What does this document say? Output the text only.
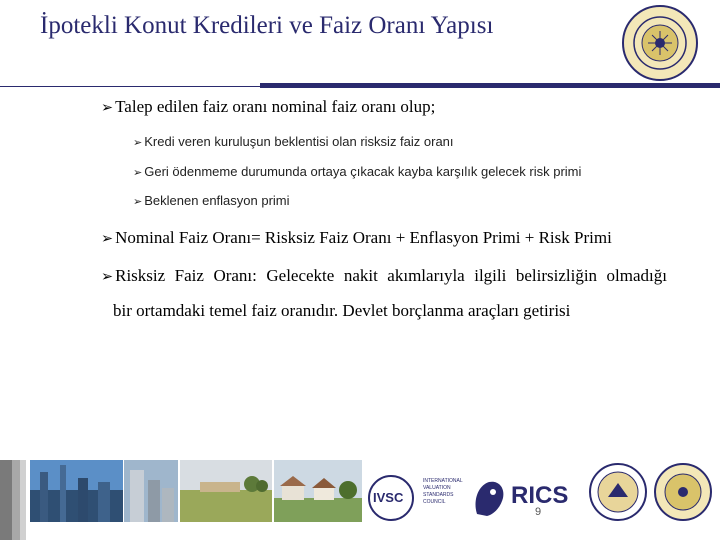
İpotekli Konut Kredileri ve Faiz Oranı Yapısı
➢ Talep edilen faiz oranı nominal faiz oranı olup;
➢ Kredi veren kuruluşun beklentisi olan risksiz faiz oranı
➢ Geri ödenmeme durumunda ortaya çıkacak kayba karşılık gelecek risk primi
➢ Beklenen enflasyon primi
➢ Nominal Faiz Oranı= Risksiz Faiz Oranı + Enflasyon Primi + Risk Primi
➢ Risksiz Faiz Oranı: Gelecekte nakit akımlarıyla ilgili belirsizliğin olmadığı
bir ortamdaki temel faiz oranıdır. Devlet borçlanma araçları getirisi
IVSC
INTERNATIONAL
VALUATION
STANDARDS
COUNCIL	RICS
9
